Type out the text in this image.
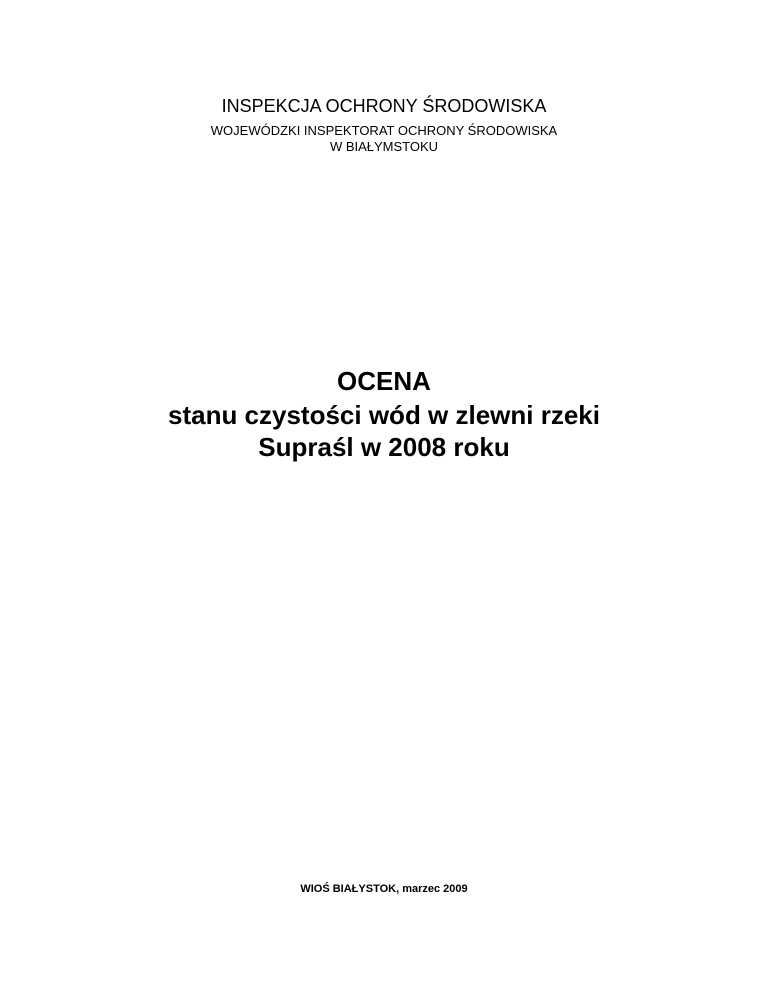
INSPEKCJA OCHRONY ŚRODOWISKA
WOJEWÓDZKI INSPEKTORAT OCHRONY ŚRODOWISKA
W BIAŁYMSTOKU
OCENA
stanu czystości wód w zlewni rzeki
Supraśl w 2008 roku
WIOŚ BIAŁYSTOK, marzec 2009
